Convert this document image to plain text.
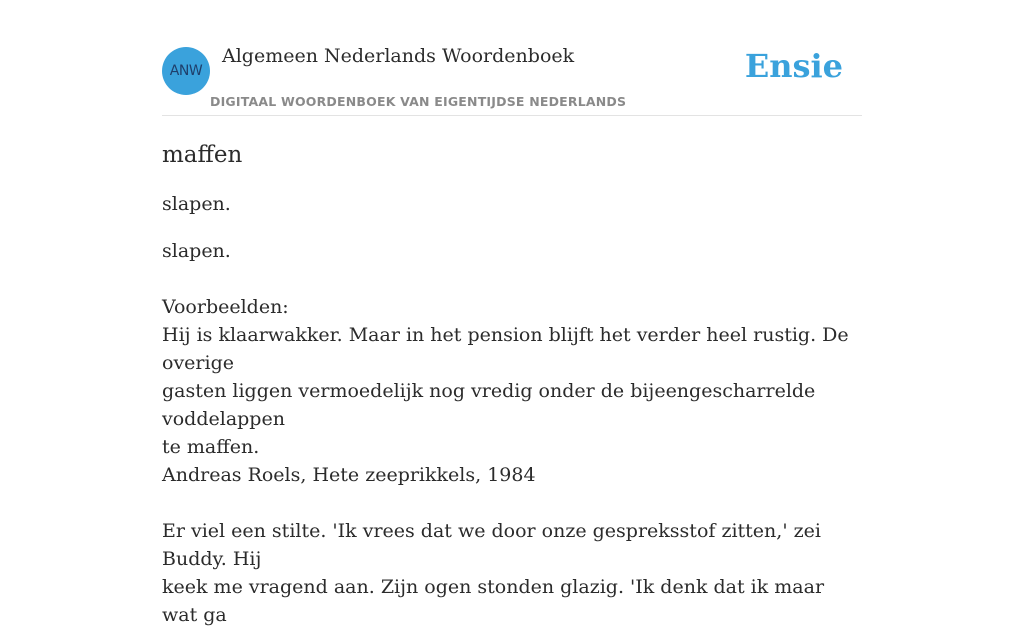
ANW
Algemeen Nederlands Woordenboek
DIGITAAL WOORDENBOEK VAN EIGENTIJDSE NEDERLANDS
Ensie
maffen

slapen.

slapen.
Voorbeelden:
Hij is klaarwakker. Maar in het pension blijft het verder heel rustig. De overige
gasten liggen vermoedelijk nog vredig onder de bijeengescharrelde voddelappen
te maffen.
Andreas Roels, Hete zeeprikkels, 1984
Er viel een stilte. 'Ik vrees dat we door onze gespreksstof zitten,' zei Buddy. Hij
keek me vragend aan. Zijn ogen stonden glazig. 'Ik denk dat ik maar wat ga
